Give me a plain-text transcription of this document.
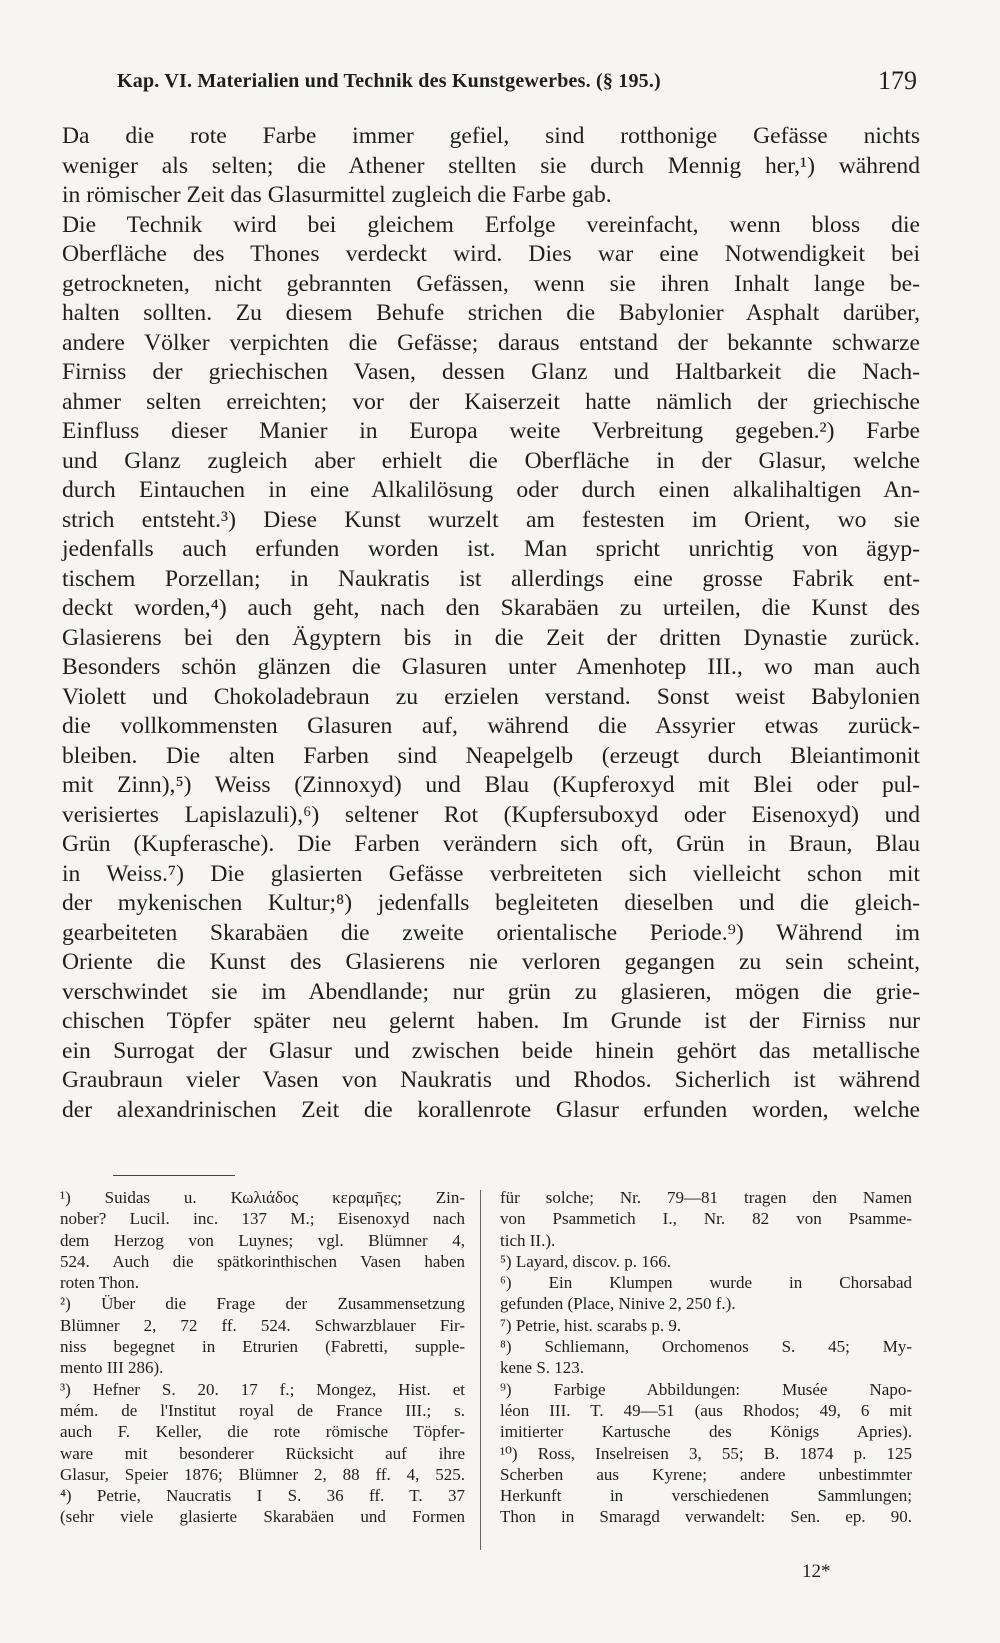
Kap. VI. Materialien und Technik des Kunstgewerbes. (§ 195.)	179
Da die rote Farbe immer gefiel, sind rotthonige Gefässe nichts
weniger als selten; die Athener stellten sie durch Mennig her,¹) während
in römischer Zeit das Glasurmittel zugleich die Farbe gab.
Die Technik wird bei gleichem Erfolge vereinfacht, wenn bloss die
Oberfläche des Thones verdeckt wird. Dies war eine Notwendigkeit bei
getrockneten, nicht gebrannten Gefässen, wenn sie ihren Inhalt lange be-
halten sollten. Zu diesem Behufe strichen die Babylonier Asphalt darüber,
andere Völker verpichten die Gefässe; daraus entstand der bekannte schwarze
Firniss der griechischen Vasen, dessen Glanz und Haltbarkeit die Nach-
ahmer selten erreichten; vor der Kaiserzeit hatte nämlich der griechische
Einfluss dieser Manier in Europa weite Verbreitung gegeben.²) Farbe
und Glanz zugleich aber erhielt die Oberfläche in der Glasur, welche
durch Eintauchen in eine Alkalilösung oder durch einen alkalihaltigen An-
strich entsteht.³) Diese Kunst wurzelt am festesten im Orient, wo sie
jedenfalls auch erfunden worden ist. Man spricht unrichtig von ägyp-
tischem Porzellan; in Naukratis ist allerdings eine grosse Fabrik ent-
deckt worden,⁴) auch geht, nach den Skarabäen zu urteilen, die Kunst des
Glasierens bei den Ägyptern bis in die Zeit der dritten Dynastie zurück.
Besonders schön glänzen die Glasuren unter Amenhotep III., wo man auch
Violett und Chokoladebraun zu erzielen verstand. Sonst weist Babylonien
die vollkommensten Glasuren auf, während die Assyrier etwas zurück-
bleiben. Die alten Farben sind Neapelgelb (erzeugt durch Bleiantimonit
mit Zinn),⁵) Weiss (Zinnoxyd) und Blau (Kupferoxyd mit Blei oder pul-
verisiertes Lapislazuli),⁶) seltener Rot (Kupfersuboxyd oder Eisenoxyd) und
Grün (Kupferasche). Die Farben verändern sich oft, Grün in Braun, Blau
in Weiss.⁷) Die glasierten Gefässe verbreiteten sich vielleicht schon mit
der mykenischen Kultur;⁸) jedenfalls begleiteten dieselben und die gleich-
gearbeiteten Skarabäen die zweite orientalische Periode.⁹) Während im
Oriente die Kunst des Glasierens nie verloren gegangen zu sein scheint,
verschwindet sie im Abendlande; nur grün zu glasieren, mögen die grie-
chischen Töpfer später neu gelernt haben. Im Grunde ist der Firniss nur
ein Surrogat der Glasur und zwischen beide hinein gehört das metallische
Graubraun vieler Vasen von Naukratis und Rhodos. Sicherlich ist während
der alexandrinischen Zeit die korallenrote Glasur erfunden worden, welche
¹) Suidas u. Κωλιάδος κεραμῆες; Zin-
nober? Lucil. inc. 137 M.; Eisenoxyd nach
dem Herzog von Luynes; vgl. Blümner 4,
524. Auch die spätkorinthischen Vasen haben
roten Thon.
²) Über die Frage der Zusammensetzung
Blümner 2, 72 ff. 524. Schwarzblauer Fir-
niss begegnet in Etrurien (Fabretti, supple-
mento III 286).
³) Hefner S. 20. 17 f.; Mongez, Hist. et
mém. de l'Institut royal de France III.; s.
auch F. Keller, die rote römische Töpfer-
ware mit besonderer Rücksicht auf ihre
Glasur, Speier 1876; Blümner 2, 88 ff. 4, 525.
⁴) Petrie, Naucratis I S. 36 ff. T. 37
(sehr viele glasierte Skarabäen und Formen
für solche; Nr. 79—81 tragen den Namen
von Psammetich I., Nr. 82 von Psamme-
tich II.).
⁵) Layard, discov. p. 166.
⁶) Ein Klumpen wurde in Chorsabad
gefunden (Place, Ninive 2, 250 f.).
⁷) Petrie, hist. scarabs p. 9.
⁸) Schliemann, Orchomenos S. 45; My-
kene S. 123.
⁹) Farbige Abbildungen: Musée Napo-
léon III. T. 49—51 (aus Rhodos; 49, 6 mit
imitierter Kartusche des Königs Apries).
¹⁰) Ross, Inselreisen 3, 55; B. 1874 p. 125
Scherben aus Kyrene; andere unbestimmter
Herkunft in verschiedenen Sammlungen;
Thon in Smaragd verwandelt: Sen. ep. 90.
12*
